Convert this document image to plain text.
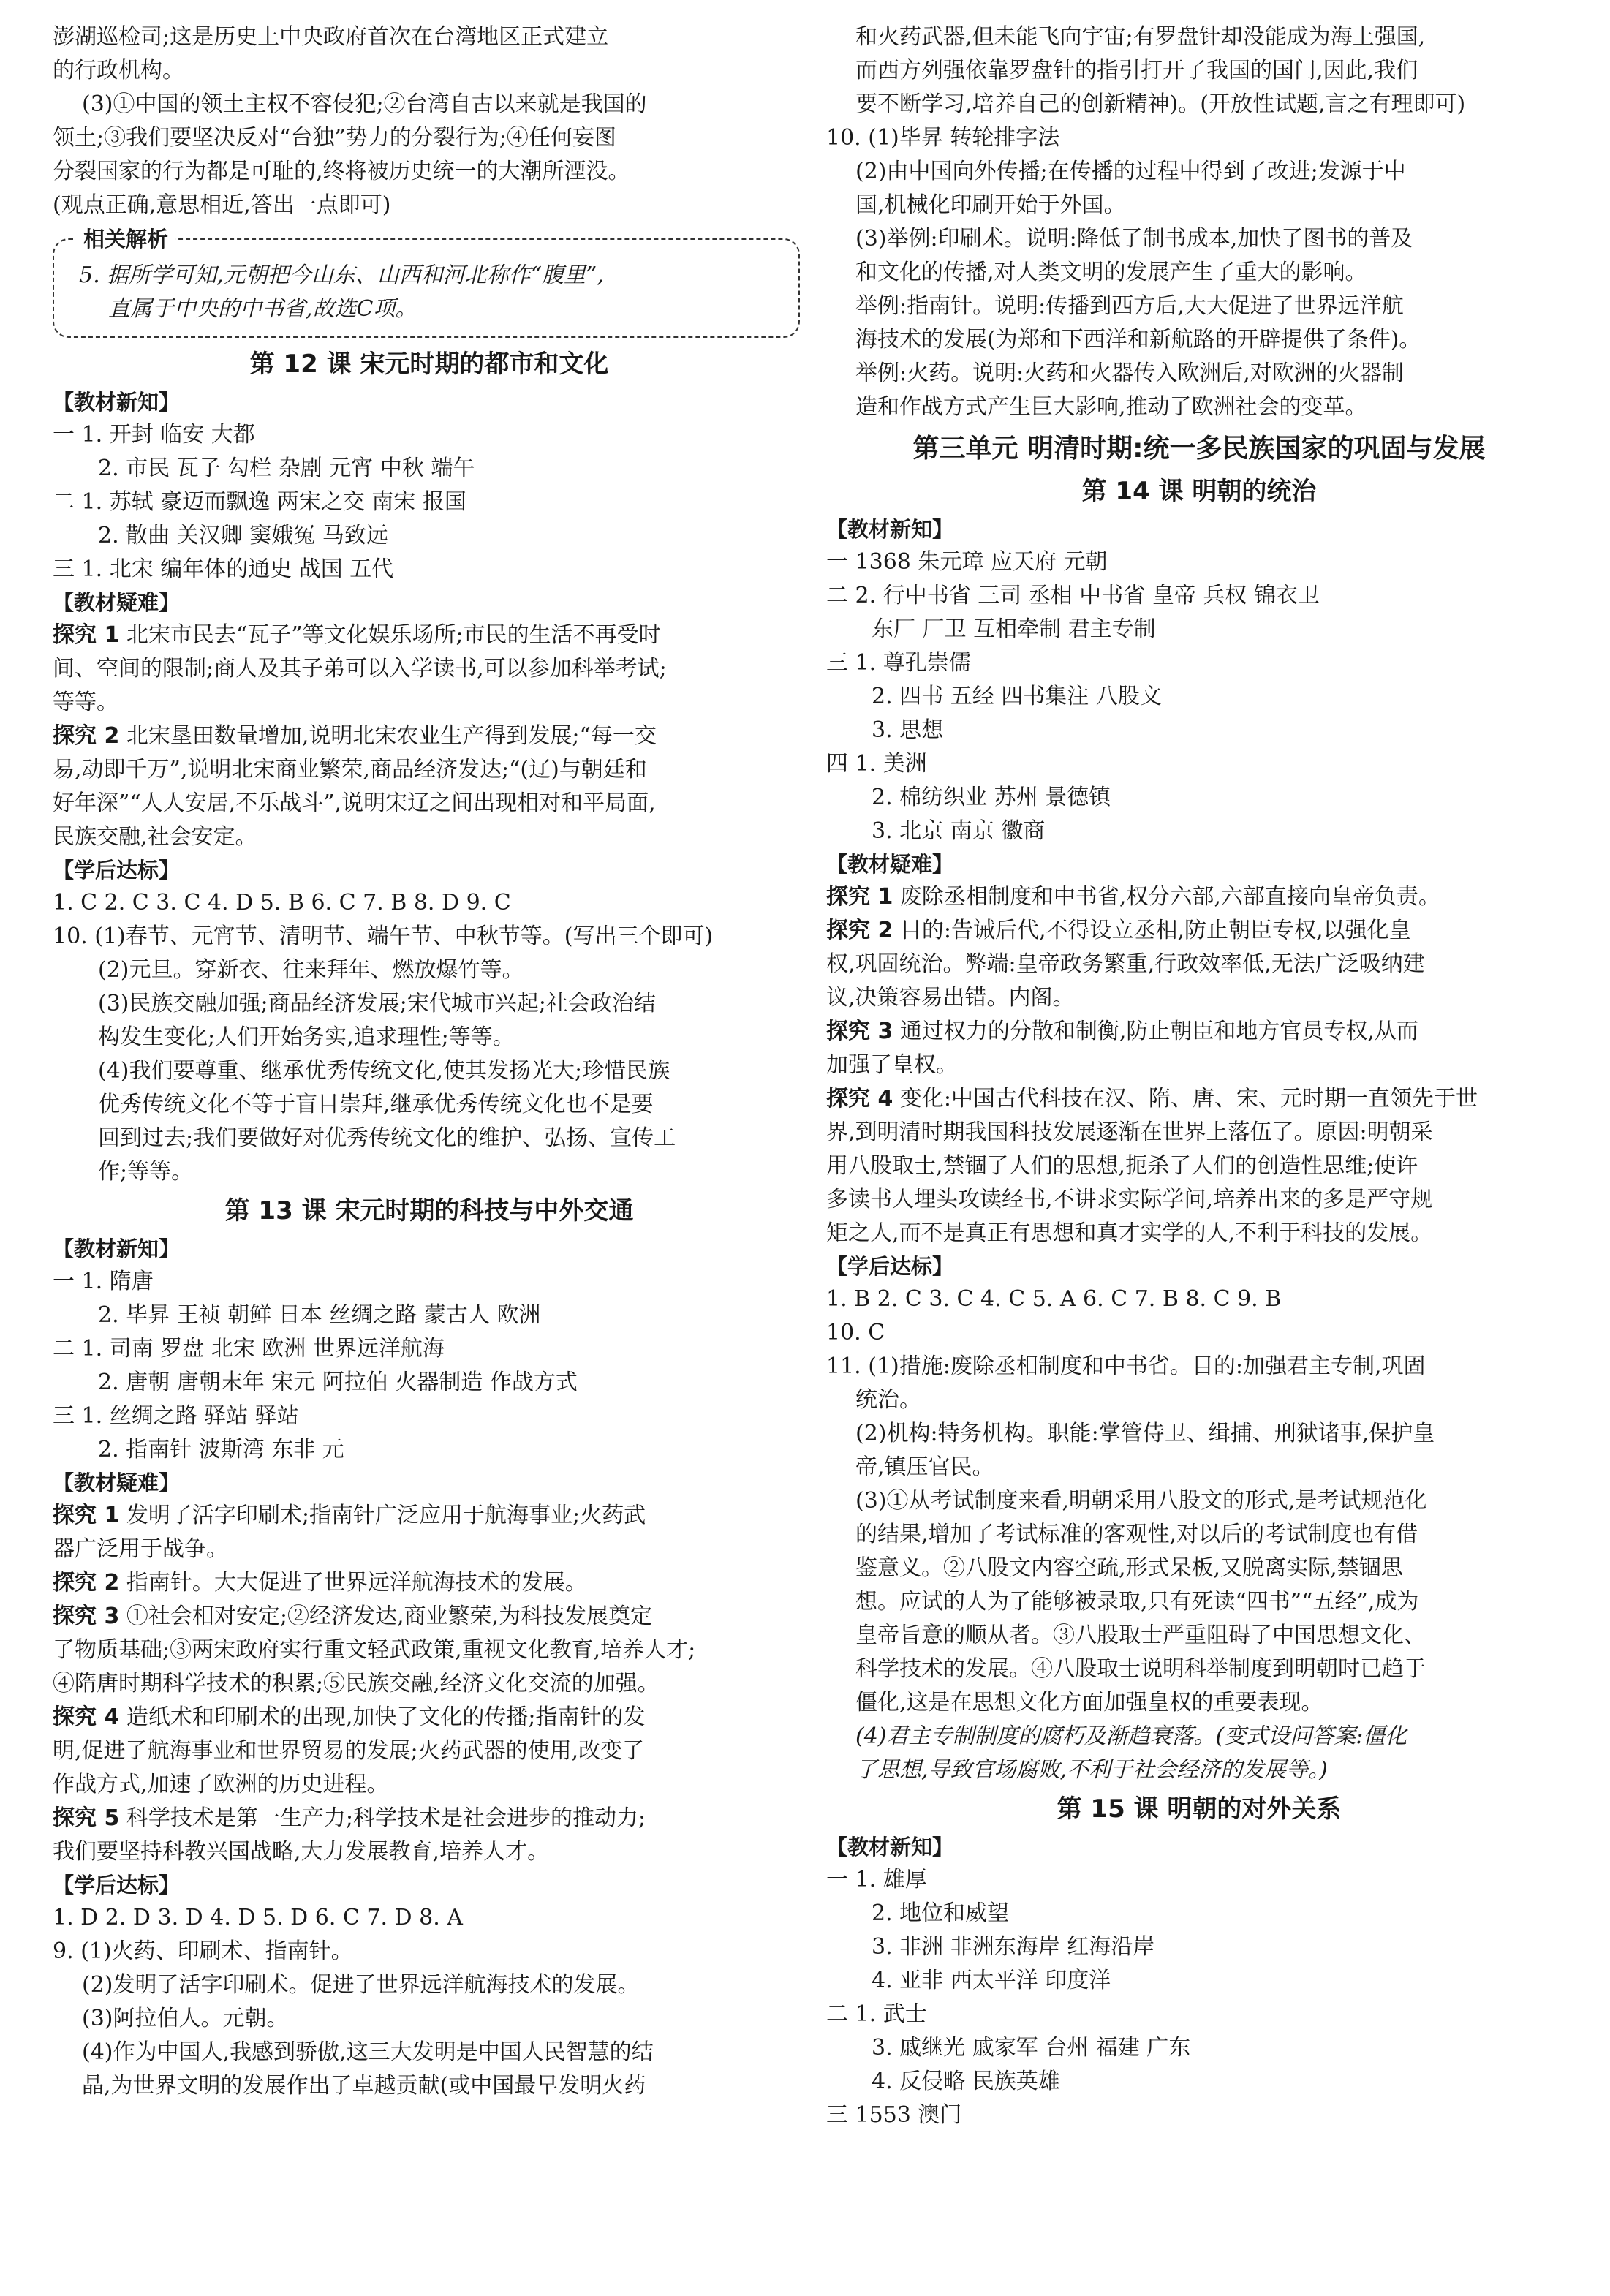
澎湖巡检司;这是历史上中央政府首次在台湾地区正式建立
的行政机构。
(3)①中国的领土主权不容侵犯;②台湾自古以来就是我国的
领土;③我们要坚决反对“台独”势力的分裂行为;④任何妄图
分裂国家的行为都是可耻的,终将被历史统一的大潮所湮没。
(观点正确,意思相近,答出一点即可)
相关解析
5. 据所学可知,元朝把今山东、山西和河北称作“腹里”,
直属于中央的中书省,故选C项。
第 12 课 宋元时期的都市和文化
【教材新知】
一 1. 开封 临安 大都
2. 市民 瓦子 勾栏 杂剧 元宵 中秋 端午
二 1. 苏轼 豪迈而飘逸 两宋之交 南宋 报国
2. 散曲 关汉卿 窦娥冤 马致远
三 1. 北宋 编年体的通史 战国 五代
【教材疑难】
探究 1 北宋市民去“瓦子”等文化娱乐场所;市民的生活不再受时
间、空间的限制;商人及其子弟可以入学读书,可以参加科举考试;
等等。
探究 2 北宋垦田数量增加,说明北宋农业生产得到发展;“每一交
易,动即千万”,说明北宋商业繁荣,商品经济发达;“(辽)与朝廷和
好年深”“人人安居,不乐战斗”,说明宋辽之间出现相对和平局面,
民族交融,社会安定。
【学后达标】
1. C 2. C 3. C 4. D 5. B 6. C 7. B 8. D 9. C
10. (1)春节、元宵节、清明节、端午节、中秋节等。(写出三个即可)
(2)元旦。穿新衣、往来拜年、燃放爆竹等。
(3)民族交融加强;商品经济发展;宋代城市兴起;社会政治结
构发生变化;人们开始务实,追求理性;等等。
(4)我们要尊重、继承优秀传统文化,使其发扬光大;珍惜民族
优秀传统文化不等于盲目崇拜,继承优秀传统文化也不是要
回到过去;我们要做好对优秀传统文化的维护、弘扬、宣传工
作;等等。
第 13 课 宋元时期的科技与中外交通
【教材新知】
一 1. 隋唐
2. 毕昇 王祯 朝鲜 日本 丝绸之路 蒙古人 欧洲
二 1. 司南 罗盘 北宋 欧洲 世界远洋航海
2. 唐朝 唐朝末年 宋元 阿拉伯 火器制造 作战方式
三 1. 丝绸之路 驿站 驿站
2. 指南针 波斯湾 东非 元
【教材疑难】
探究 1 发明了活字印刷术;指南针广泛应用于航海事业;火药武
器广泛用于战争。
探究 2 指南针。大大促进了世界远洋航海技术的发展。
探究 3 ①社会相对安定;②经济发达,商业繁荣,为科技发展奠定
了物质基础;③两宋政府实行重文轻武政策,重视文化教育,培养人才;
④隋唐时期科学技术的积累;⑤民族交融,经济文化交流的加强。
探究 4 造纸术和印刷术的出现,加快了文化的传播;指南针的发
明,促进了航海事业和世界贸易的发展;火药武器的使用,改变了
作战方式,加速了欧洲的历史进程。
探究 5 科学技术是第一生产力;科学技术是社会进步的推动力;
我们要坚持科教兴国战略,大力发展教育,培养人才。
【学后达标】
1. D 2. D 3. D 4. D 5. D 6. C 7. D 8. A
9. (1)火药、印刷术、指南针。
(2)发明了活字印刷术。促进了世界远洋航海技术的发展。
(3)阿拉伯人。元朝。
(4)作为中国人,我感到骄傲,这三大发明是中国人民智慧的结
晶,为世界文明的发展作出了卓越贡献(或中国最早发明火药
和火药武器,但未能飞向宇宙;有罗盘针却没能成为海上强国,
而西方列强依靠罗盘针的指引打开了我国的国门,因此,我们
要不断学习,培养自己的创新精神)。(开放性试题,言之有理即可)
10. (1)毕昇 转轮排字法
(2)由中国向外传播;在传播的过程中得到了改进;发源于中
国,机械化印刷开始于外国。
(3)举例:印刷术。说明:降低了制书成本,加快了图书的普及
和文化的传播,对人类文明的发展产生了重大的影响。
举例:指南针。说明:传播到西方后,大大促进了世界远洋航
海技术的发展(为郑和下西洋和新航路的开辟提供了条件)。
举例:火药。说明:火药和火器传入欧洲后,对欧洲的火器制
造和作战方式产生巨大影响,推动了欧洲社会的变革。
第三单元 明清时期:统一多民族国家的巩固与发展
第 14 课 明朝的统治
【教材新知】
一 1368 朱元璋 应天府 元朝
二 2. 行中书省 三司 丞相 中书省 皇帝 兵权 锦衣卫
东厂 厂卫 互相牵制 君主专制
三 1. 尊孔崇儒
2. 四书 五经 四书集注 八股文
3. 思想
四 1. 美洲
2. 棉纺织业 苏州 景德镇
3. 北京 南京 徽商
【教材疑难】
探究 1 废除丞相制度和中书省,权分六部,六部直接向皇帝负责。
探究 2 目的:告诫后代,不得设立丞相,防止朝臣专权,以强化皇
权,巩固统治。弊端:皇帝政务繁重,行政效率低,无法广泛吸纳建
议,决策容易出错。内阁。
探究 3 通过权力的分散和制衡,防止朝臣和地方官员专权,从而
加强了皇权。
探究 4 变化:中国古代科技在汉、隋、唐、宋、元时期一直领先于世
界,到明清时期我国科技发展逐渐在世界上落伍了。原因:明朝采
用八股取士,禁锢了人们的思想,扼杀了人们的创造性思维;使许
多读书人埋头攻读经书,不讲求实际学问,培养出来的多是严守规
矩之人,而不是真正有思想和真才实学的人,不利于科技的发展。
【学后达标】
1. B 2. C 3. C 4. C 5. A 6. C 7. B 8. C 9. B
10. C
11. (1)措施:废除丞相制度和中书省。目的:加强君主专制,巩固
统治。
(2)机构:特务机构。职能:掌管侍卫、缉捕、刑狱诸事,保护皇
帝,镇压官民。
(3)①从考试制度来看,明朝采用八股文的形式,是考试规范化
的结果,增加了考试标准的客观性,对以后的考试制度也有借
鉴意义。②八股文内容空疏,形式呆板,又脱离实际,禁锢思
想。应试的人为了能够被录取,只有死读“四书”“五经”,成为
皇帝旨意的顺从者。③八股取士严重阻碍了中国思想文化、
科学技术的发展。④八股取士说明科举制度到明朝时已趋于
僵化,这是在思想文化方面加强皇权的重要表现。
(4)君主专制制度的腐朽及渐趋衰落。(变式设问答案:僵化
了思想,导致官场腐败,不利于社会经济的发展等。)
第 15 课 明朝的对外关系
【教材新知】
一 1. 雄厚
2. 地位和威望
3. 非洲 非洲东海岸 红海沿岸
4. 亚非 西太平洋 印度洋
二 1. 武士
3. 戚继光 戚家军 台州 福建 广东
4. 反侵略 民族英雄
三 1553 澳门
